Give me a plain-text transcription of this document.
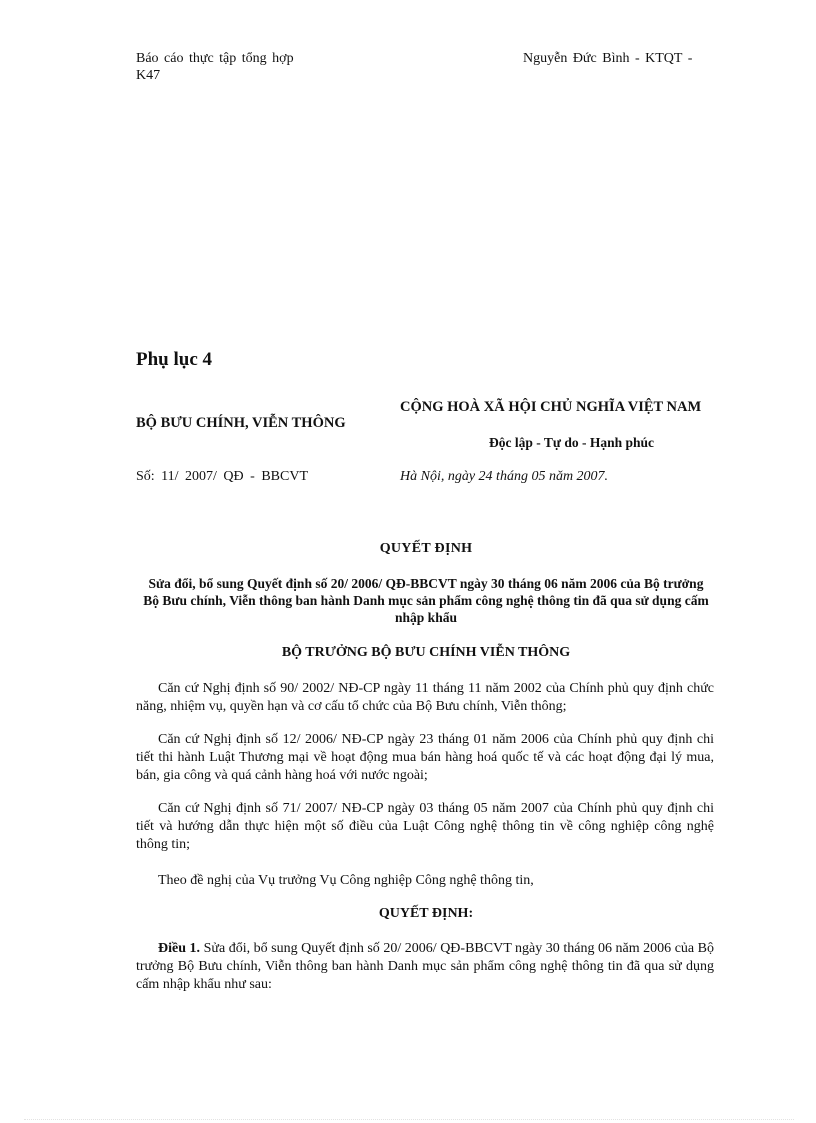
Báo cáo thực tập tổng hợp
K47
Nguyễn Đức Bình - KTQT -
Phụ lục 4
CỘNG HOÀ XÃ HỘI CHỦ NGHĨA VIỆT NAM
BỘ BƯU CHÍNH, VIỄN THÔNG
Độc lập - Tự do - Hạnh phúc
Số: 11/ 2007/ QĐ - BBCVT	Hà Nội, ngày 24 tháng 05 năm 2007.
QUYẾT ĐỊNH
Sửa đổi, bổ sung Quyết định số 20/ 2006/ QĐ-BBCVT ngày 30 tháng 06 năm 2006 của Bộ trưởng Bộ Bưu chính, Viễn thông ban hành Danh mục sản phẩm công nghệ thông tin đã qua sử dụng cấm nhập khẩu
BỘ TRƯỞNG BỘ BƯU CHÍNH VIỄN THÔNG
Căn cứ Nghị định số 90/ 2002/ NĐ-CP ngày 11 tháng 11 năm 2002 của Chính phủ quy định chức năng, nhiệm vụ, quyền hạn và cơ cấu tổ chức của Bộ Bưu chính, Viễn thông;
Căn cứ Nghị định số 12/ 2006/ NĐ-CP ngày 23 tháng 01 năm 2006 của Chính phủ quy định chi tiết thi hành Luật Thương mại về hoạt động mua bán hàng hoá quốc tế và các hoạt động đại lý mua, bán, gia công và quá cảnh hàng hoá với nước ngoài;
Căn cứ Nghị định số 71/ 2007/ NĐ-CP ngày 03 tháng 05 năm 2007 của Chính phủ quy định chi tiết và hướng dẫn thực hiện một số điều của Luật Công nghệ thông tin về công nghiệp công nghệ thông tin;
Theo đề nghị của Vụ trưởng Vụ Công nghiệp Công nghệ thông tin,
QUYẾT ĐỊNH:
Điều 1. Sửa đổi, bổ sung Quyết định số 20/ 2006/ QĐ-BBCVT ngày 30 tháng 06 năm 2006 của Bộ trưởng Bộ Bưu chính, Viễn thông ban hành Danh mục sản phẩm công nghệ thông tin đã qua sử dụng cấm nhập khẩu như sau:
